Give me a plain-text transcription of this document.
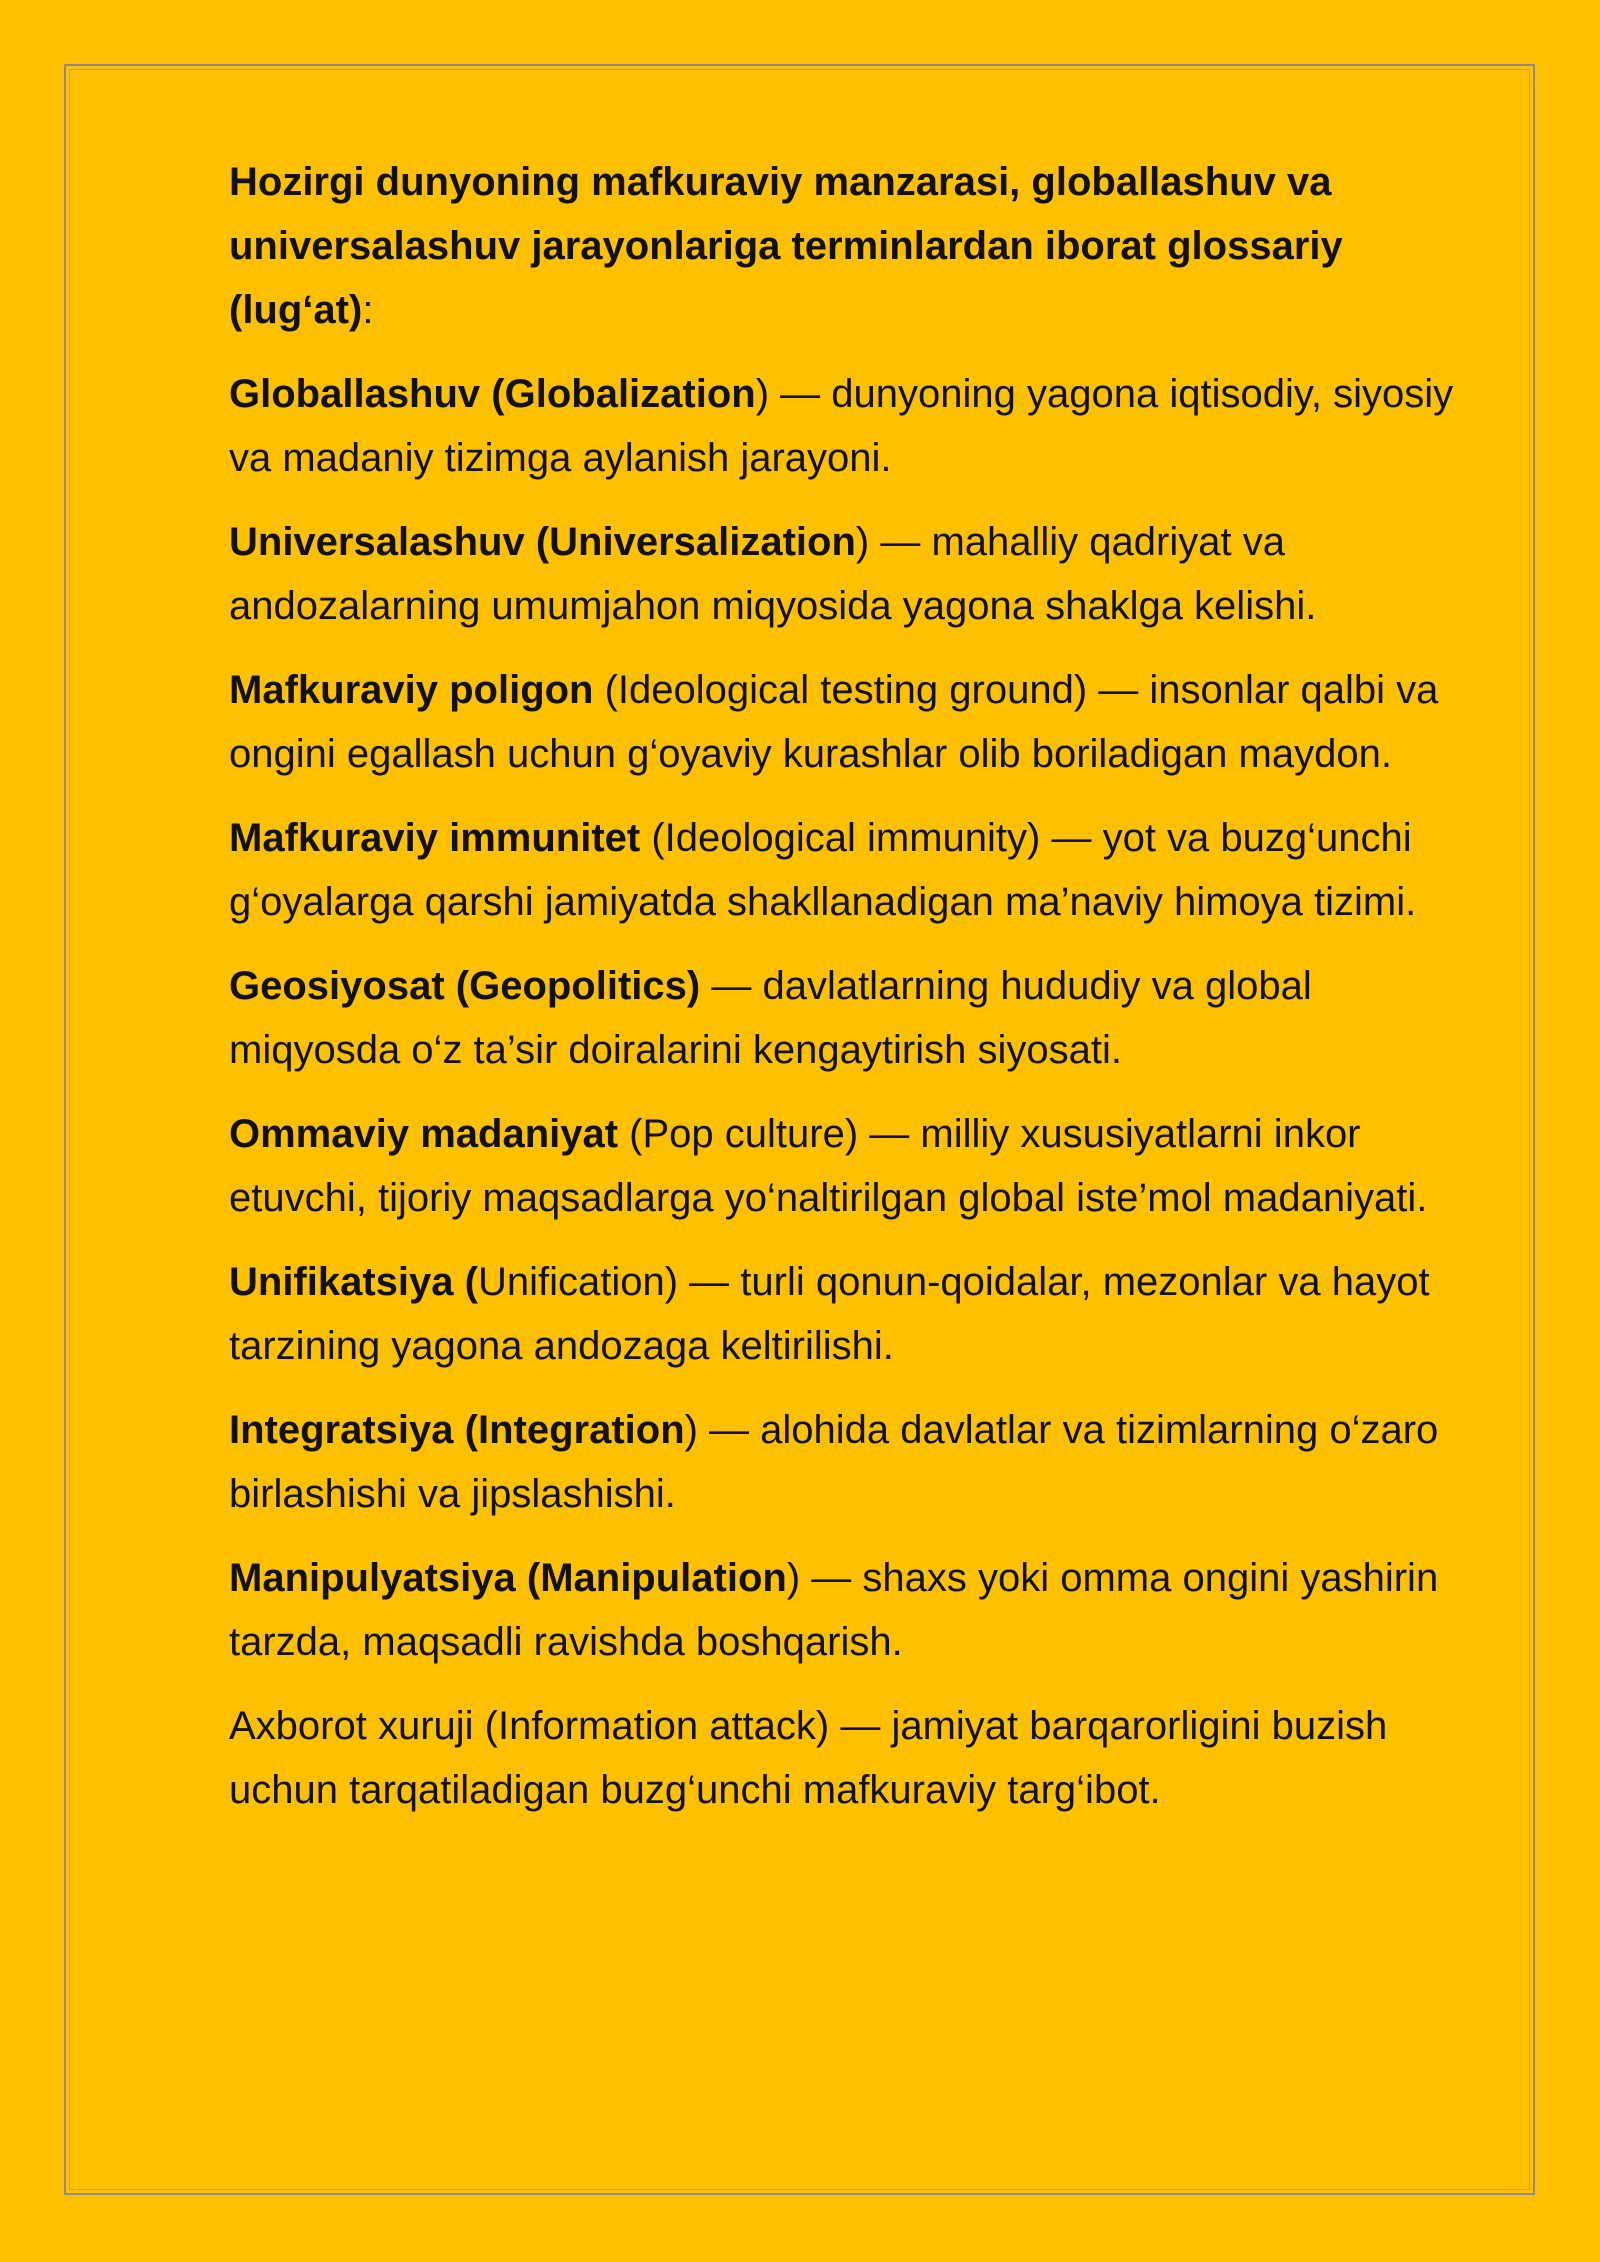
Hozirgi dunyoning mafkuraviy manzarasi, globallashuv va universalashuv jarayonlariga terminlardan iborat glossariy (lug‘at):

Globallashuv (Globalization) — dunyoning yagona iqtisodiy, siyosiy va madaniy tizimga aylanish jarayoni.

Universalashuv (Universalization) — mahalliy qadriyat va andozalarning umumjahon miqyosida yagona shaklga kelishi.

Mafkuraviy poligon (Ideological testing ground) — insonlar qalbi va ongini egallash uchun g‘oyaviy kurashlar olib boriladigan maydon.

Mafkuraviy immunitet (Ideological immunity) — yot va buzg‘unchi g‘oyalarga qarshi jamiyatda shakllanadigan ma’naviy himoya tizimi.

Geosiyosat (Geopolitics) — davlatlarning hududiy va global miqyosda o‘z ta’sir doiralarini kengaytirish siyosati.

Ommaviy madaniyat (Pop culture) — milliy xususiyatlarni inkor etuvchi, tijoriy maqsadlarga yo‘naltirilgan global iste’mol madaniyati.

Unifikatsiya (Unification) — turli qonun-qoidalar, mezonlar va hayot tarzining yagona andozaga keltirilishi.

Integratsiya (Integration) — alohida davlatlar va tizimlarning o‘zaro birlashishi va jipslashishi.

Manipulyatsiya (Manipulation) — shaxs yoki omma ongini yashirin tarzda, maqsadli ravishda boshqarish.

Axborot xuruji (Information attack) — jamiyat barqarorligini buzish uchun tarqatiladigan buzg‘unchi mafkuraviy targ‘ibot.
